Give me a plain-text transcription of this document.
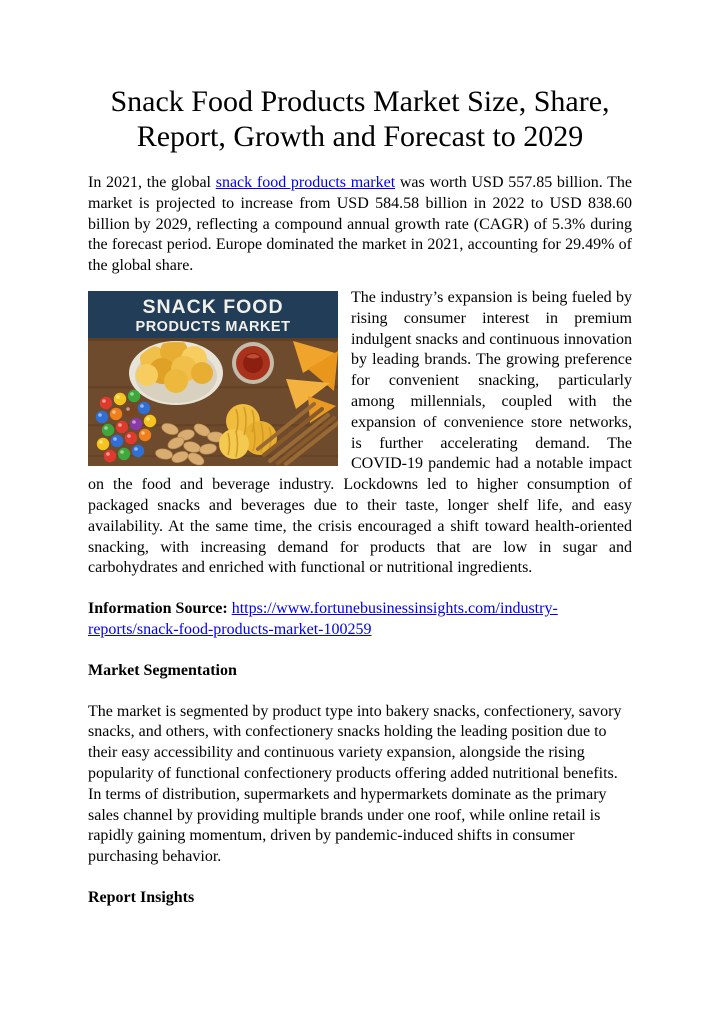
Snack Food Products Market Size, Share,
Report, Growth and Forecast to 2029

In 2021, the global snack food products market was worth USD 557.85 billion. The market is projected to increase from USD 584.58 billion in 2022 to USD 838.60 billion by 2029, reflecting a compound annual growth rate (CAGR) of 5.3% during the forecast period. Europe dominated the market in 2021, accounting for 29.49% of the global share.

SNACK FOOD
PRODUCTS MARKET

The industry’s expansion is being fueled by rising consumer interest in premium indulgent snacks and continuous innovation by leading brands. The growing preference for convenient snacking, particularly among millennials, coupled with the expansion of convenience store networks, is further accelerating demand. The COVID-19 pandemic had a notable impact on the food and beverage industry. Lockdowns led to higher consumption of packaged snacks and beverages due to their taste, longer shelf life, and easy availability. At the same time, the crisis encouraged a shift toward health-oriented snacking, with increasing demand for products that are low in sugar and carbohydrates and enriched with functional or nutritional ingredients.

Information Source: https://www.fortunebusinessinsights.com/industry-reports/snack-food-products-market-100259

Market Segmentation

The market is segmented by product type into bakery snacks, confectionery, savory snacks, and others, with confectionery snacks holding the leading position due to their easy accessibility and continuous variety expansion, alongside the rising popularity of functional confectionery products offering added nutritional benefits. In terms of distribution, supermarkets and hypermarkets dominate as the primary sales channel by providing multiple brands under one roof, while online retail is rapidly gaining momentum, driven by pandemic-induced shifts in consumer purchasing behavior.

Report Insights
